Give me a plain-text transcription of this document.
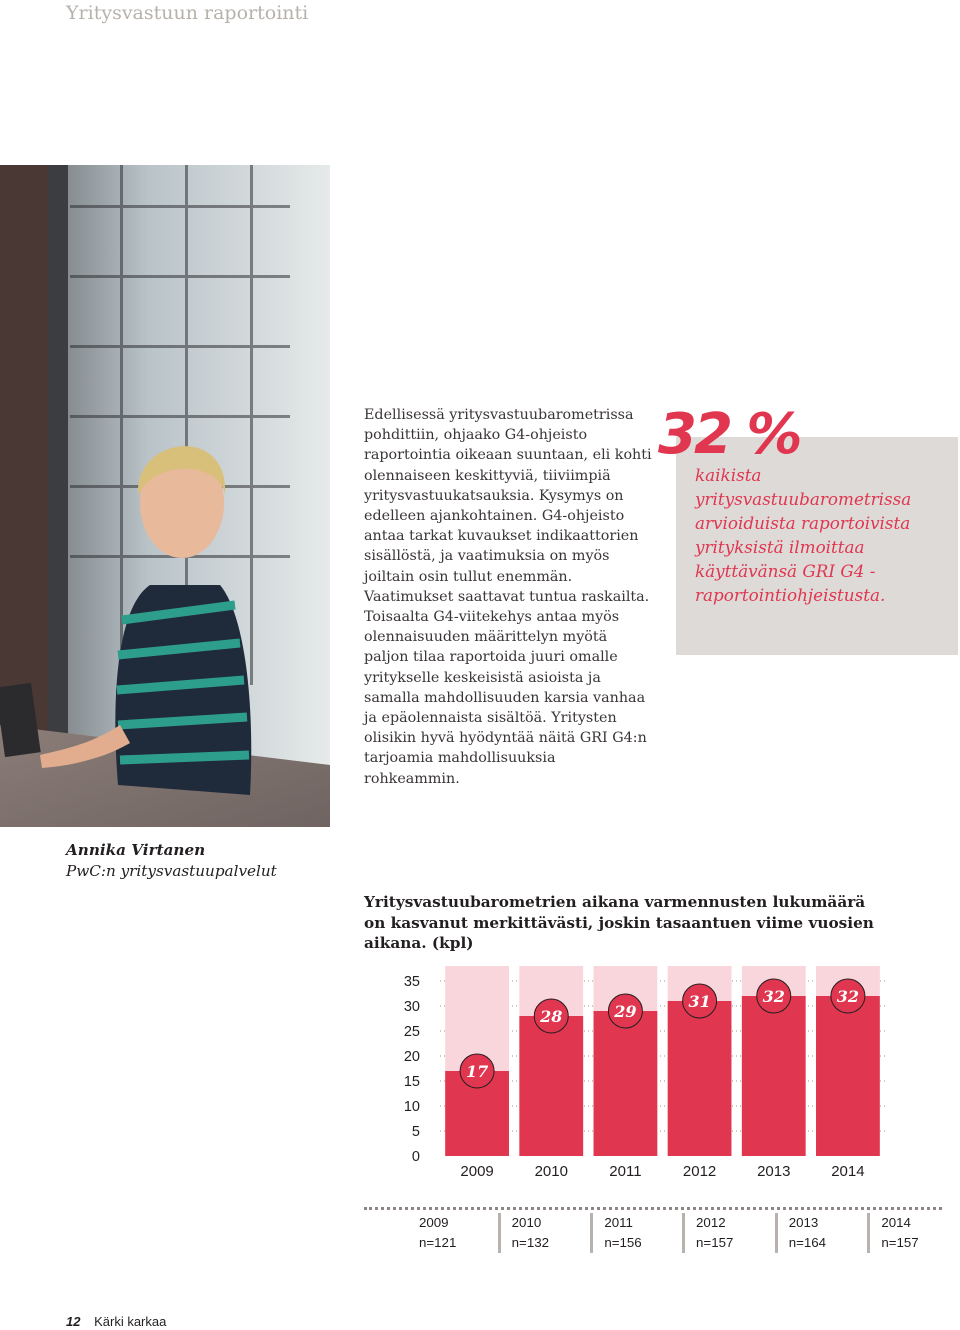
Yritysvastuun raportointi

Edellisessä yritysvastuubarometrissa pohdittiin, ohjaako G4-ohjeisto raportointia oikeaan suuntaan, eli kohti olennaiseen keskittyviä, tiiviimpiä yritysvastuukatsauksia. Kysymys on edelleen ajankohtainen. G4-ohjeisto antaa tarkat kuvaukset indikaattorien sisällöstä, ja vaatimuksia on myös joiltain osin tullut enemmän. Vaatimukset saattavat tuntua raskailta. Toisaalta G4-viitekehys antaa myös olennaisuuden määrittelyn myötä paljon tilaa raportoida juuri omalle yritykselle keskeisistä asioista ja samalla mahdollisuuden karsia vanhaa ja epäolennaista sisältöä. Yritysten olisikin hyvä hyödyntää näitä GRI G4:n tarjoamia mahdollisuuksia rohkeammin.

32 %
kaikista yritysvastuubarometrissa arvioiduista raportoivista yrityksistä ilmoittaa käyttävänsä GRI G4 -raportointiohjeistusta.
Annika Virtanen
PwC:n yritysvastuupalvelut
Yritysvastuubarometrien aikana varmennusten lukumäärä on kasvanut merkittävästi, joskin tasaantuen viime vuosien aikana. (kpl)
35
30
25
20
15
10
5
0
17
2009
28
2010
29
2011
31
2012
32
2013
32
2014
2009 n=121
2010 n=132
2011 n=156
2012 n=157
2013 n=164
2014 n=157
12 Kärki karkaa
